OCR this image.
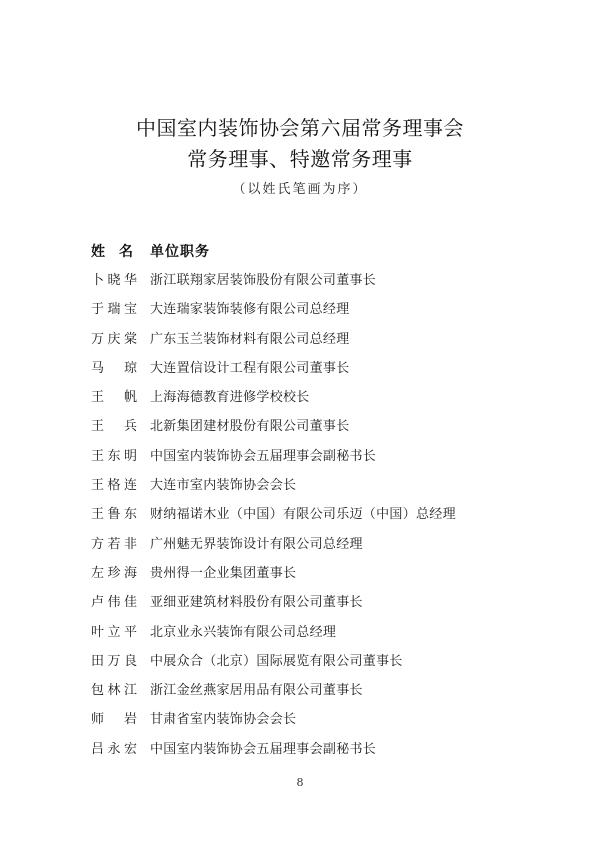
中国室内装饰协会第六届常务理事会
常务理事、特邀常务理事
（以姓氏笔画为序）
姓名 单位职务
卜晓华 浙江联翔家居装饰股份有限公司董事长
于瑞宝 大连瑞家装饰装修有限公司总经理
万庆棠 广东玉兰装饰材料有限公司总经理
马 琼 大连置信设计工程有限公司董事长
王 帆 上海海德教育进修学校校长
王 兵 北新集团建材股份有限公司董事长
王东明 中国室内装饰协会五届理事会副秘书长
王格连 大连市室内装饰协会会长
王鲁东 财纳福诺木业（中国）有限公司乐迈（中国）总经理
方若非 广州魅无界装饰设计有限公司总经理
左珍海 贵州得一企业集团董事长
卢伟佳 亚细亚建筑材料股份有限公司董事长
叶立平 北京业永兴装饰有限公司总经理
田万良 中展众合（北京）国际展览有限公司董事长
包林江 浙江金丝燕家居用品有限公司董事长
师 岩 甘肃省室内装饰协会会长
吕永宏 中国室内装饰协会五届理事会副秘书长
8
